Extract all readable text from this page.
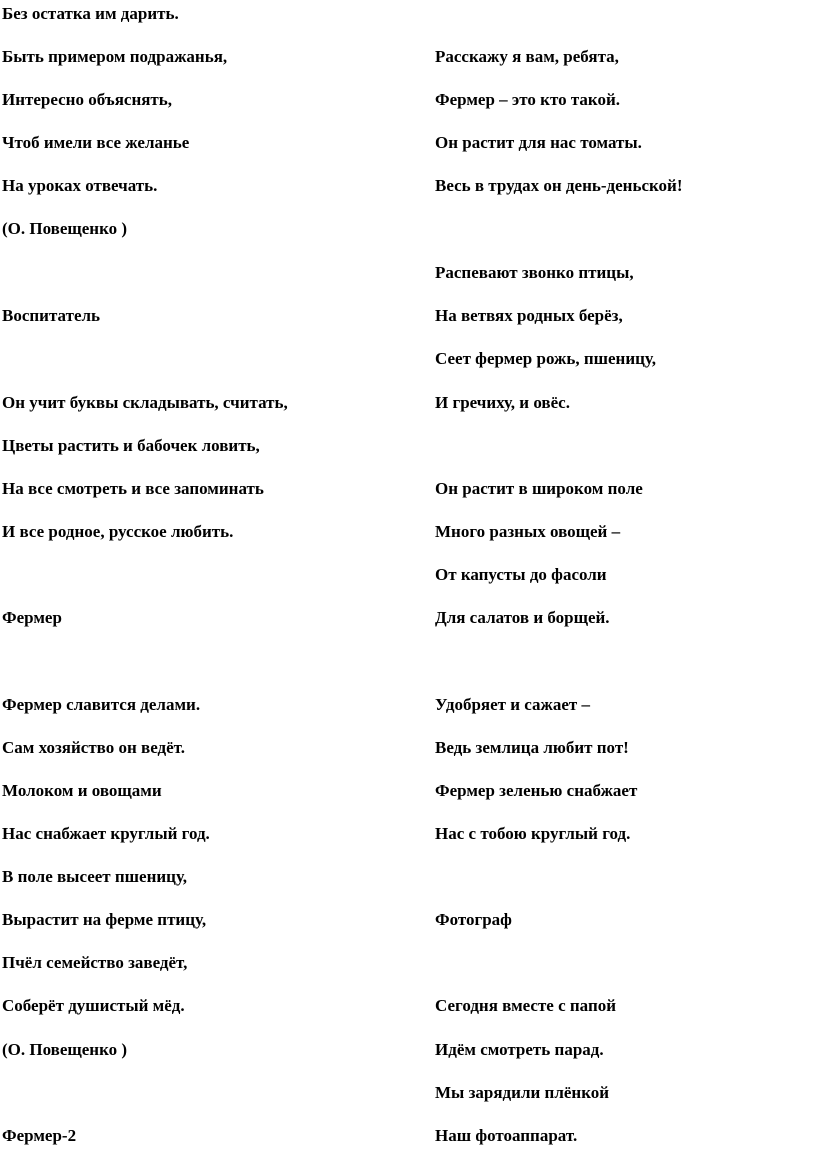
Без остатка им дарить.
Быть примером подражанья,
Интересно объяснять,
Чтоб имели все желанье
На уроках отвечать.
(О. Повещенко )
Воспитатель
Он учит буквы складывать, считать,
Цветы растить и бабочек ловить,
На все смотреть и все запоминать
И все родное, русское любить.
Фермер
Фермер славится делами.
Сам хозяйство он ведёт.
Молоком и овощами
Нас снабжает круглый год.
В поле высеет пшеницу,
Вырастит на ферме птицу,
Пчёл семейство заведёт,
Соберёт душистый мёд.
(О. Повещенко )
Фермер-2
Расскажу я вам, ребята,
Фермер – это кто такой.
Он растит для нас томаты.
Весь в трудах он день-деньской!
Распевают звонко птицы,
На ветвях родных берёз,
Сеет фермер рожь, пшеницу,
И гречиху, и овёс.
Он растит в широком поле
Много разных овощей –
От капусты до фасоли
Для салатов и борщей.
Удобряет и сажает –
Ведь землица любит пот!
Фермер зеленью снабжает
Нас с тобою круглый год.
Фотограф
Сегодня вместе с папой
Идём смотреть парад.
Мы зарядили плёнкой
Наш фотоаппарат.
